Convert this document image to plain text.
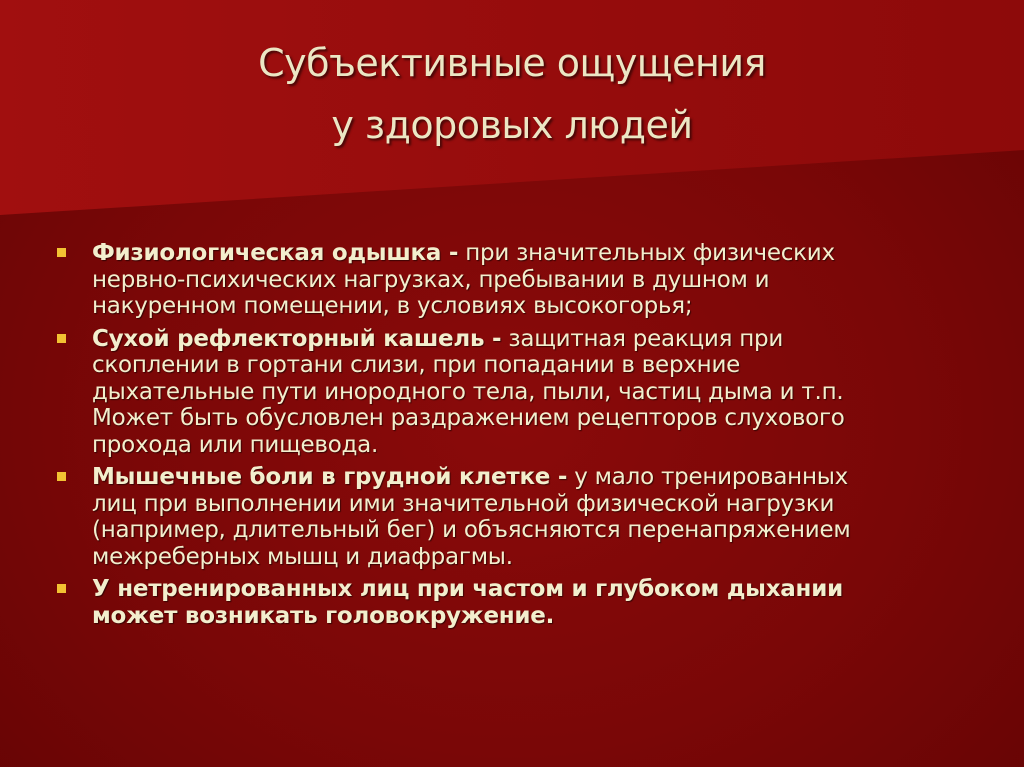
Субъективные ощущения
у здоровых людей
Физиологическая одышка - при значительных физических
нервно-психических нагрузках, пребывании в душном и
накуренном помещении, в условиях высокогорья;
Сухой рефлекторный кашель - защитная реакция при
скоплении в гортани слизи, при попадании в верхние
дыхательные пути инородного тела, пыли, частиц дыма и т.п.
Может быть обусловлен раздражением рецепторов слухового
прохода или пищевода.
Мышечные боли в грудной клетке - у мало тренированных
лиц при выполнении ими значительной физической нагрузки
(например, длительный бег) и объясняются перенапряжением
межреберных мышц и диафрагмы.
У нетренированных лиц при частом и глубоком дыхании
может возникать головокружение.
